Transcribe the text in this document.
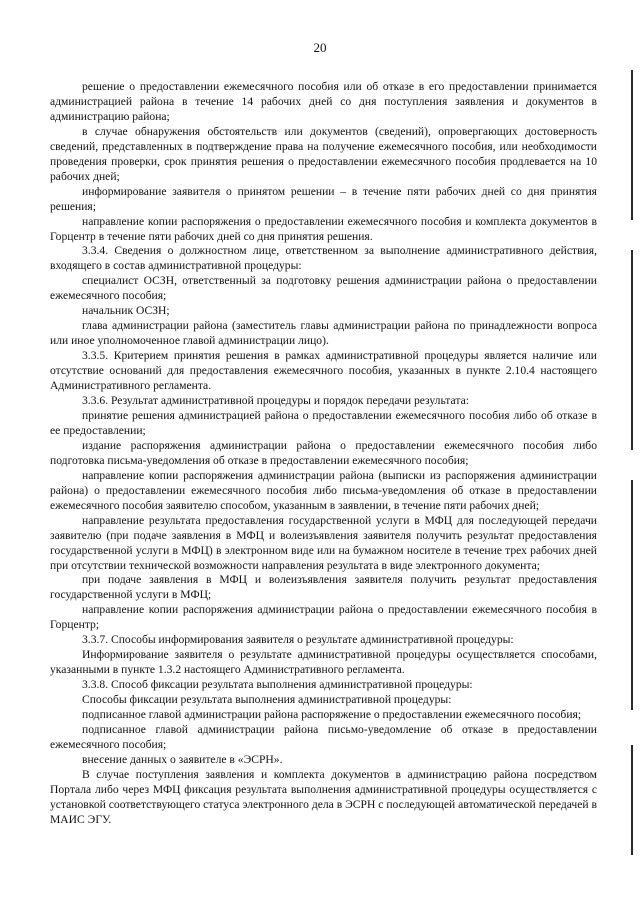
20

решение о предоставлении ежемесячного пособия или об отказе в его предоставлении принимается администрацией района в течение 14 рабочих дней со дня поступления заявления и документов в администрацию района;

в случае обнаружения обстоятельств или документов (сведений), опровергающих достоверность сведений, представленных в подтверждение права на получение ежемесячного пособия, или необходимости проведения проверки, срок принятия решения о предоставлении ежемесячного пособия продлевается на 10 рабочих дней;

информирование заявителя о принятом решении – в течение пяти рабочих дней со дня принятия решения;

направление копии распоряжения о предоставлении ежемесячного пособия и комплекта документов в Горцентр в течение пяти рабочих дней со дня принятия решения.

3.3.4. Сведения о должностном лице, ответственном за выполнение административного действия, входящего в состав административной процедуры:

специалист ОСЗН, ответственный за подготовку решения администрации района о предоставлении ежемесячного пособия;

начальник ОСЗН;

глава администрации района (заместитель главы администрации района по принадлежности вопроса или иное уполномоченное главой администрации лицо).

3.3.5. Критерием принятия решения в рамках административной процедуры является наличие или отсутствие оснований для предоставления ежемесячного пособия, указанных в пункте 2.10.4 настоящего Административного регламента.

3.3.6. Результат административной процедуры и порядок передачи результата:

принятие решения администрацией района о предоставлении ежемесячного пособия либо об отказе в ее предоставлении;

издание распоряжения администрации района о предоставлении ежемесячного пособия либо подготовка письма-уведомления об отказе в предоставлении ежемесячного пособия;

направление копии распоряжения администрации района (выписки из распоряжения администрации района) о предоставлении ежемесячного пособия либо письма-уведомления об отказе в предоставлении ежемесячного пособия заявителю способом, указанным в заявлении, в течение пяти рабочих дней;

направление результата предоставления государственной услуги в МФЦ для последующей передачи заявителю (при подаче заявления в МФЦ и волеизъявления заявителя получить результат предоставления государственной услуги в МФЦ) в электронном виде или на бумажном носителе в течение трех рабочих дней при отсутствии технической возможности направления результата в виде электронного документа;

при подаче заявления в МФЦ и волеизъявления заявителя получить результат предоставления государственной услуги в МФЦ;

направление копии распоряжения администрации района о предоставлении ежемесячного пособия в Горцентр;

3.3.7. Способы информирования заявителя о результате административной процедуры:

Информирование заявителя о результате административной процедуры осуществляется способами, указанными в пункте 1.3.2 настоящего Административного регламента.

3.3.8. Способ фиксации результата выполнения административной процедуры:

Способы фиксации результата выполнения административной процедуры:

подписанное главой администрации района распоряжение о предоставлении ежемесячного пособия;

подписанное главой администрации района письмо-уведомление об отказе в предоставлении ежемесячного пособия;

внесение данных о заявителе в «ЭСРН».

В случае поступления заявления и комплекта документов в администрацию района посредством Портала либо через МФЦ фиксация результата выполнения административной процедуры осуществляется с установкой соответствующего статуса электронного дела в ЭСРН с последующей автоматической передачей в МАИС ЭГУ.
